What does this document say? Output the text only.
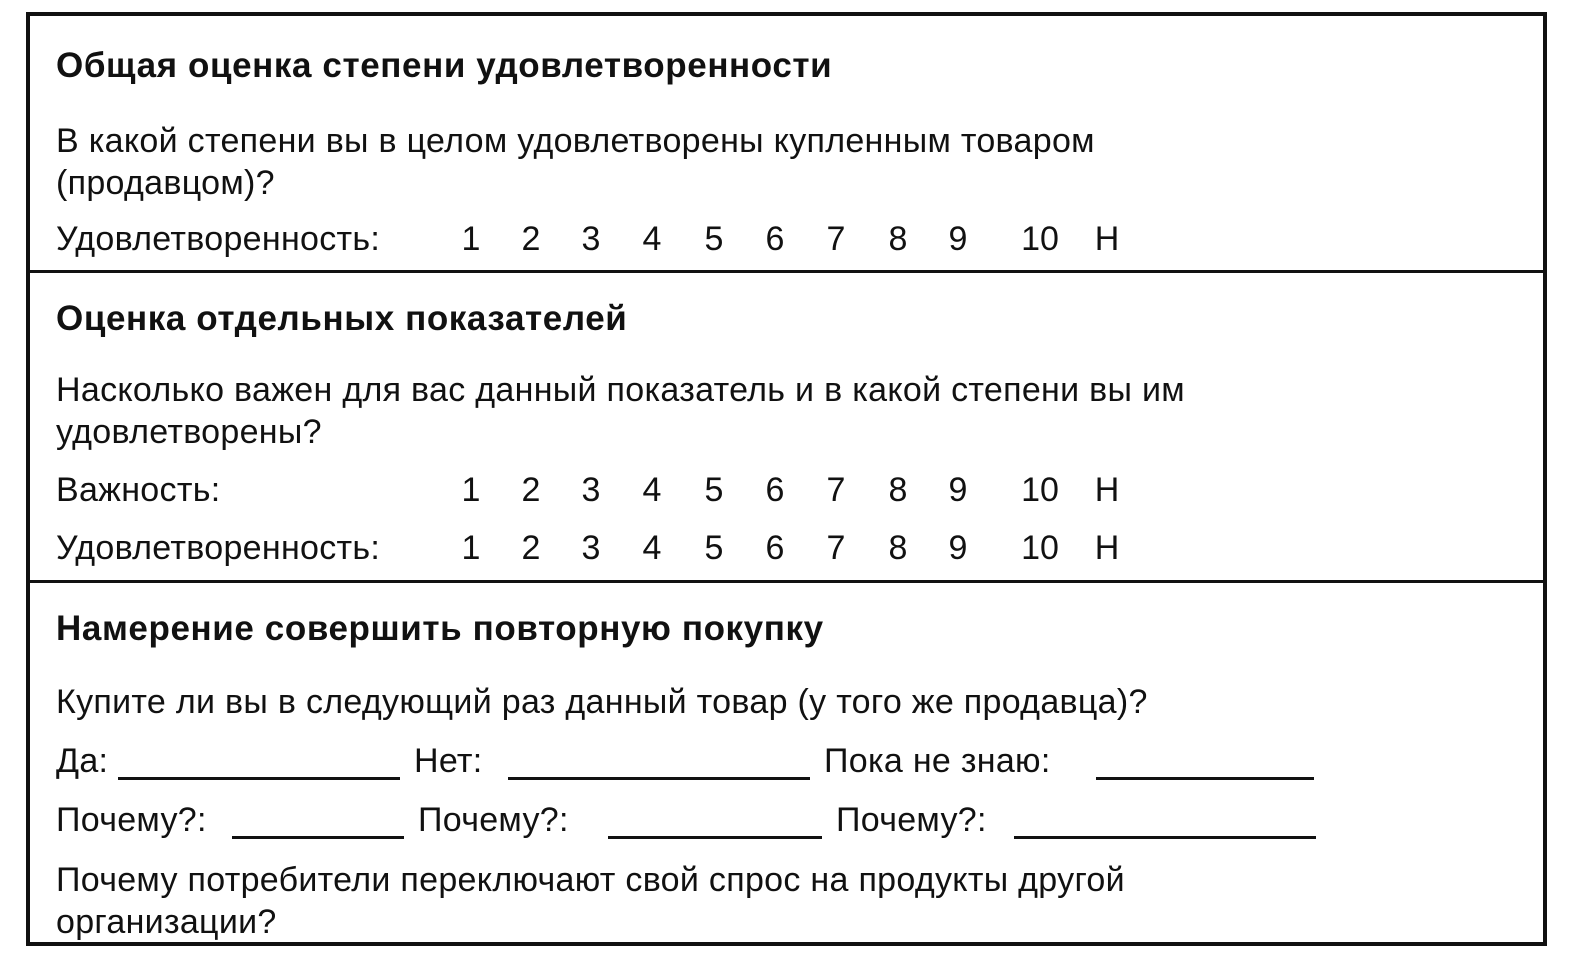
Общая оценка степени удовлетворенности
В какой степени вы в целом удовлетворены купленным товаром
(продавцом)?
Удовлетворенность:	1	2	3	4	5	6	7	8	9	10	Н
Оценка отдельных показателей
Насколько важен для вас данный показатель и в какой степени вы им
удовлетворены?
Важность:	1	2	3	4	5	6	7	8	9	10	Н
Удовлетворенность:	1	2	3	4	5	6	7	8	9	10	Н
Намерение совершить повторную покупку
Купите ли вы в следующий раз данный товар (у того же продавца)?
Да:	Нет:	Пока не знаю:
Почему?:	Почему?:	Почему?:
Почему потребители переключают свой спрос на продукты другой
организации?
